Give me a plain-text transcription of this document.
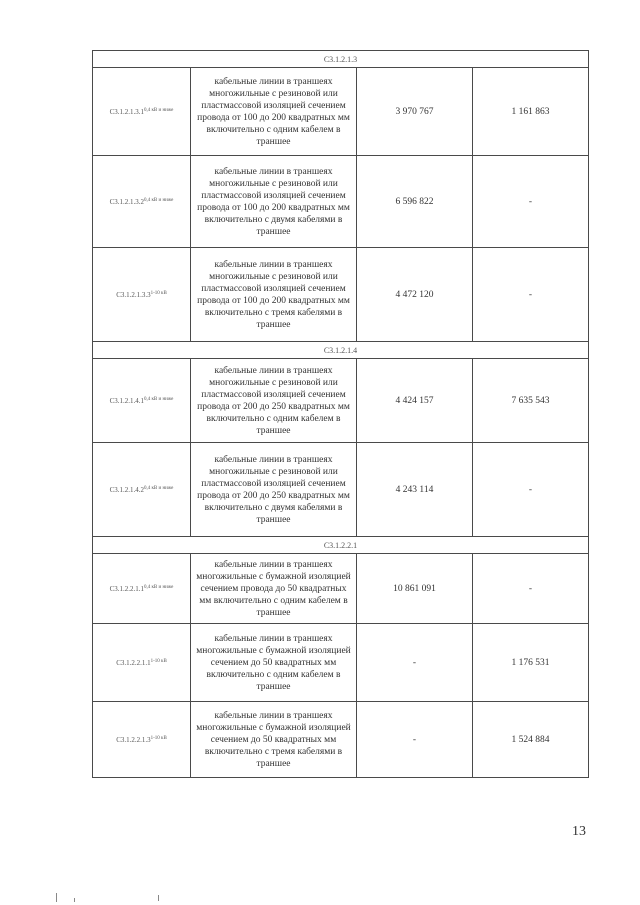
С3.1.2.1.3			
$С3.1.2.1.3.1^{0,4 кВ и ниже}$	кабельные линии в траншеях многожильные с резиновой или пластмассовой изоляцией сечением провода от 100 до 200 квадратных мм включительно с одним кабелем в траншее	3 970 767	1 161 863
$С3.1.2.1.3.2^{0,4 кВ и ниже}$	кабельные линии в траншеях многожильные с резиновой или пластмассовой изоляцией сечением провода от 100 до 200 квадратных мм включительно с двумя кабелями в траншее	6 596 822	-
$С3.1.2.1.3.3^{1-10 кВ}$	кабельные линии в траншеях многожильные с резиновой или пластмассовой изоляцией сечением провода от 100 до 200 квадратных мм включительно с тремя кабелями в траншее	4 472 120	-
С3.1.2.1.4			
$С3.1.2.1.4.1^{0,4 кВ и ниже}$	кабельные линии в траншеях многожильные с резиновой или пластмассовой изоляцией сечением провода от 200 до 250 квадратных мм включительно с одним кабелем в траншее	4 424 157	7 635 543
$С3.1.2.1.4.2^{0,4 кВ и ниже}$	кабельные линии в траншеях многожильные с резиновой или пластмассовой изоляцией сечением провода от 200 до 250 квадратных мм включительно с двумя кабелями в траншее	4 243 114	-
С3.1.2.2.1			
$С3.1.2.2.1.1^{0,4 кВ и ниже}$	кабельные линии в траншеях многожильные с бумажной изоляцией сечением провода до 50 квадратных мм включительно с одним кабелем в траншее	10 861 091	-
$С3.1.2.2.1.1^{1-10 кВ}$	кабельные линии в траншеях многожильные с бумажной изоляцией сечением до 50 квадратных мм включительно с одним кабелем в траншее	-	1 176 531
$С3.1.2.2.1.3^{1-10 кВ}$	кабельные линии в траншеях многожильные с бумажной изоляцией сечением до 50 квадратных мм включительно с тремя кабелями в траншее	-	1 524 884
13
